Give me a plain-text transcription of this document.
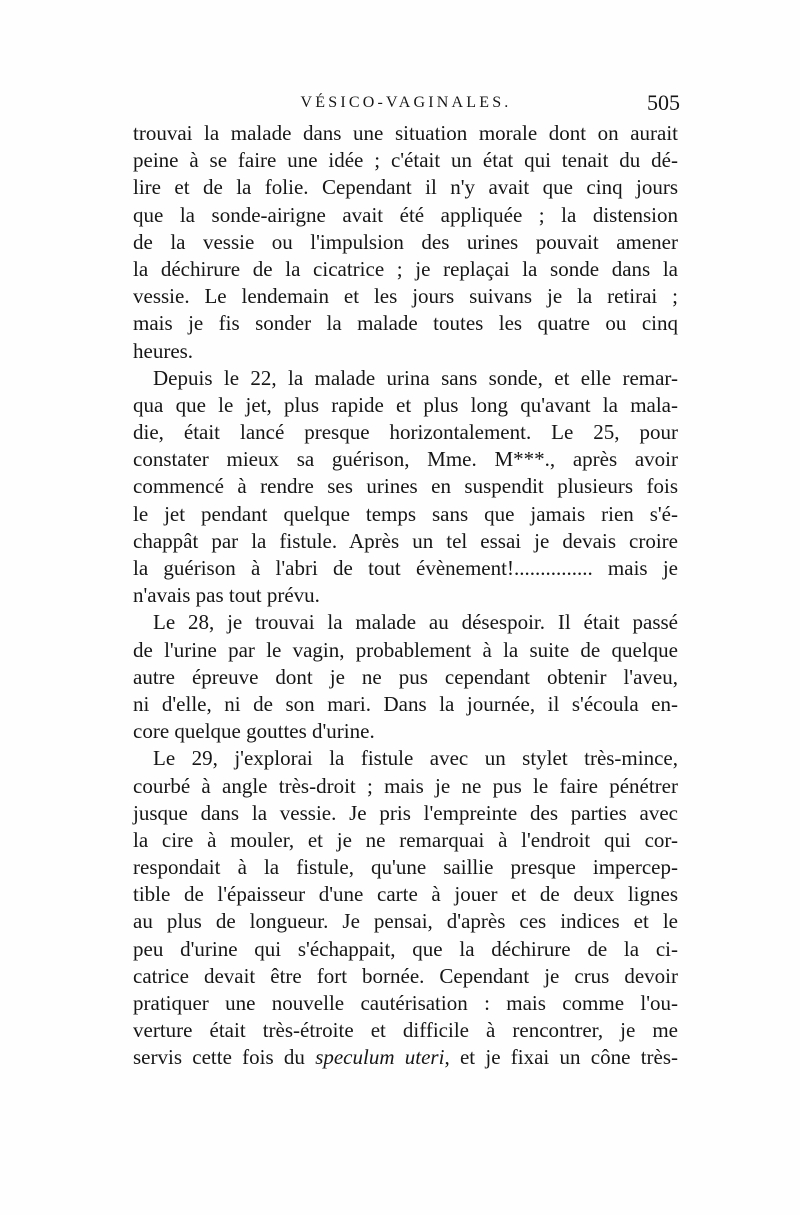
VÉSICO-VAGINALES.	505
trouvai la malade dans une situation morale dont on aurait
peine à se faire une idée ; c'était un état qui tenait du dé-
lire et de la folie. Cependant il n'y avait que cinq jours
que la sonde-airigne avait été appliquée ; la distension
de la vessie ou l'impulsion des urines pouvait amener
la déchirure de la cicatrice ; je replaçai la sonde dans la
vessie. Le lendemain et les jours suivans je la retirai ;
mais je fis sonder la malade toutes les quatre ou cinq
heures.
Depuis le 22, la malade urina sans sonde, et elle remar-
qua que le jet, plus rapide et plus long qu'avant la mala-
die, était lancé presque horizontalement. Le 25, pour
constater mieux sa guérison, Mme. M***., après avoir
commencé à rendre ses urines en suspendit plusieurs fois
le jet pendant quelque temps sans que jamais rien s'é-
chappât par la fistule. Après un tel essai je devais croire
la guérison à l'abri de tout évènement!............... mais je
n'avais pas tout prévu.
Le 28, je trouvai la malade au désespoir. Il était passé
de l'urine par le vagin, probablement à la suite de quelque
autre épreuve dont je ne pus cependant obtenir l'aveu,
ni d'elle, ni de son mari. Dans la journée, il s'écoula en-
core quelque gouttes d'urine.
Le 29, j'explorai la fistule avec un stylet très-mince,
courbé à angle très-droit ; mais je ne pus le faire pénétrer
jusque dans la vessie. Je pris l'empreinte des parties avec
la cire à mouler, et je ne remarquai à l'endroit qui cor-
respondait à la fistule, qu'une saillie presque impercep-
tible de l'épaisseur d'une carte à jouer et de deux lignes
au plus de longueur. Je pensai, d'après ces indices et le
peu d'urine qui s'échappait, que la déchirure de la ci-
catrice devait être fort bornée. Cependant je crus devoir
pratiquer une nouvelle cautérisation : mais comme l'ou-
verture était très-étroite et difficile à rencontrer, je me
servis cette fois du speculum uteri, et je fixai un cône très-
